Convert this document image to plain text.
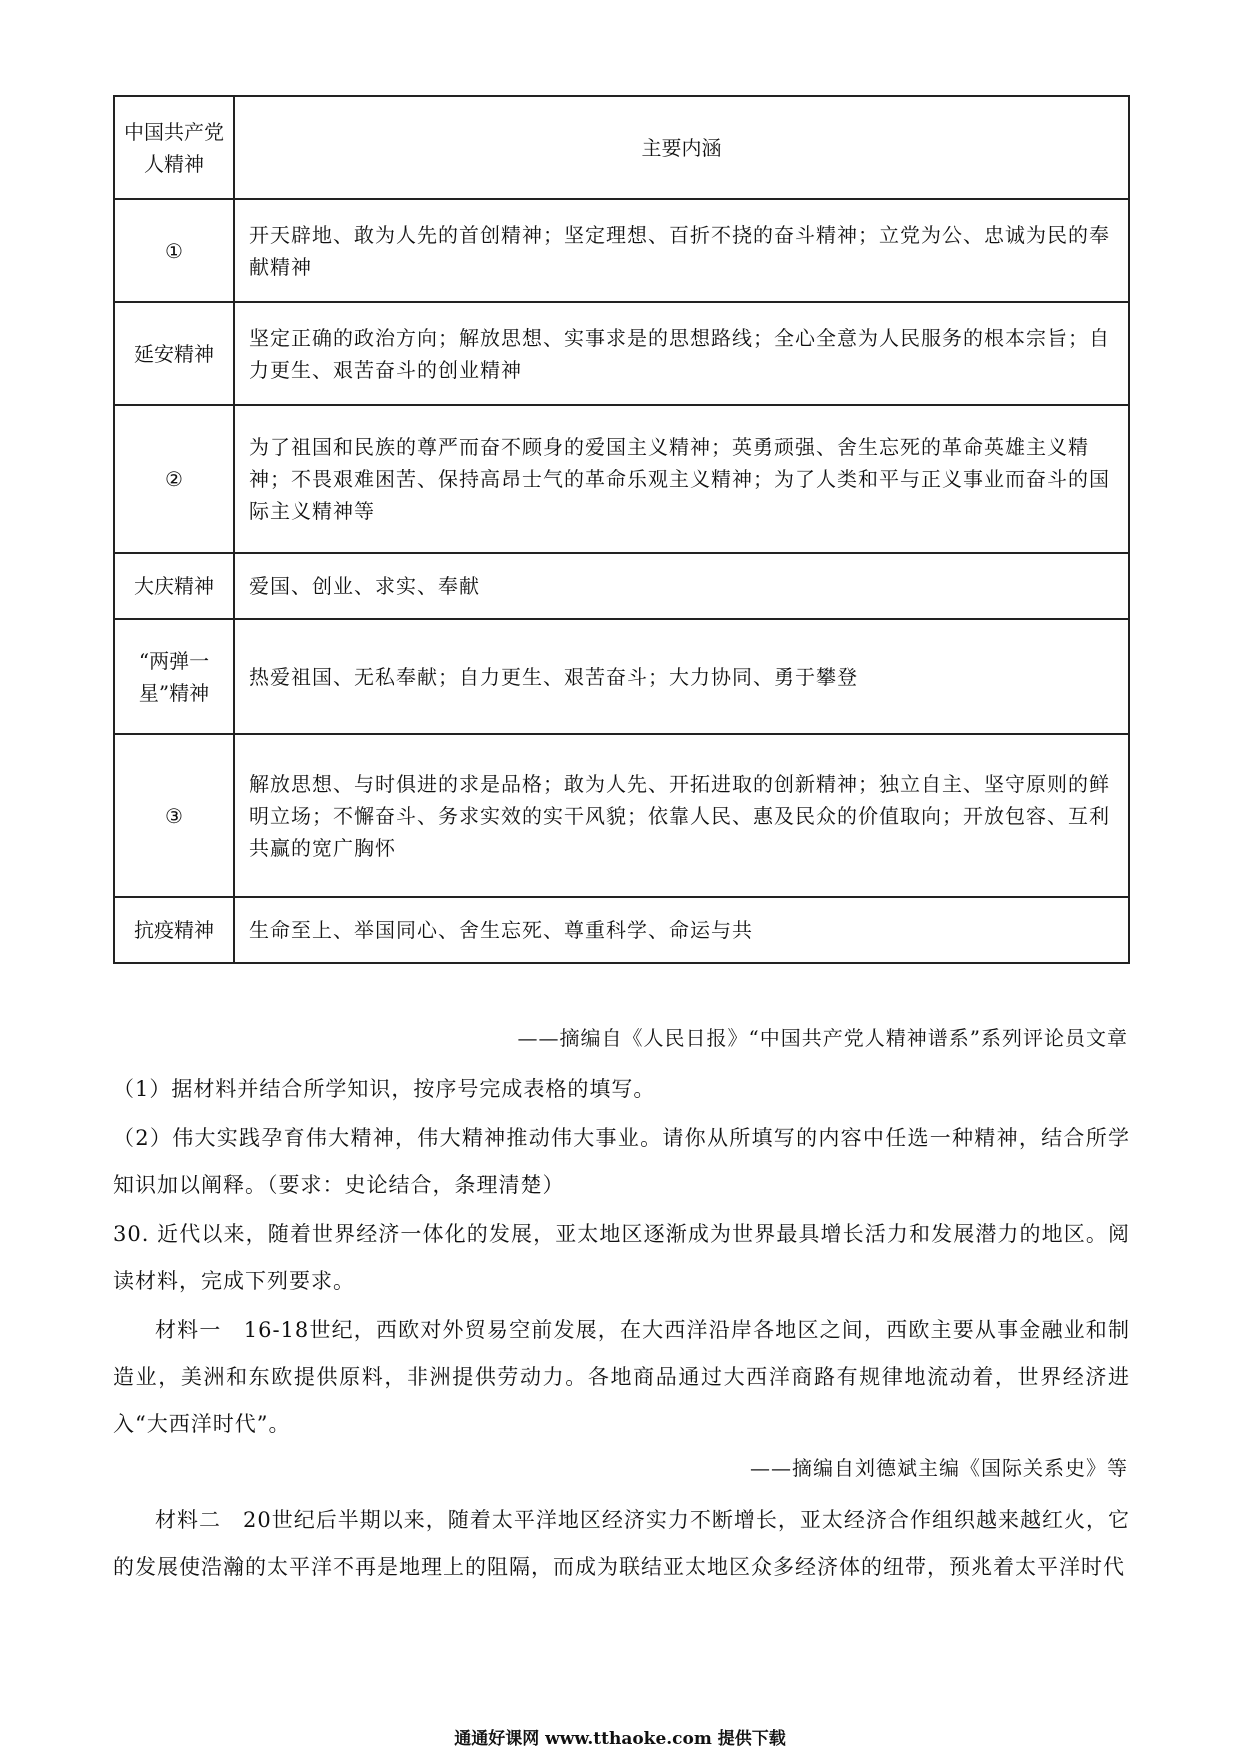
中国共产党人精神	主要内涵
①	开天辟地、敢为人先的首创精神；坚定理想、百折不挠的奋斗精神；立党为公、忠诚为民的奉献精神
延安精神	坚定正确的政治方向；解放思想、实事求是的思想路线；全心全意为人民服务的根本宗旨；自力更生、艰苦奋斗的创业精神
②	为了祖国和民族的尊严而奋不顾身的爱国主义精神；英勇顽强、舍生忘死的革命英雄主义精神；不畏艰难困苦、保持高昂士气的革命乐观主义精神；为了人类和平与正义事业而奋斗的国际主义精神等
大庆精神	爱国、创业、求实、奉献
“两弹一星”精神	热爱祖国、无私奉献；自力更生、艰苦奋斗；大力协同、勇于攀登
③	解放思想、与时俱进的求是品格；敢为人先、开拓进取的创新精神；独立自主、坚守原则的鲜明立场；不懈奋斗、务求实效的实干风貌；依靠人民、惠及民众的价值取向；开放包容、互利共赢的宽广胸怀
抗疫精神	生命至上、举国同心、舍生忘死、尊重科学、命运与共
——摘编自《人民日报》“中国共产党人精神谱系”系列评论员文章
（1）据材料并结合所学知识，按序号完成表格的填写。
（2）伟大实践孕育伟大精神，伟大精神推动伟大事业。请你从所填写的内容中任选一种精神，结合所学知识加以阐释。（要求：史论结合，条理清楚）
30. 近代以来，随着世界经济一体化的发展，亚太地区逐渐成为世界最具增长活力和发展潜力的地区。阅读材料，完成下列要求。
材料一　16-18世纪，西欧对外贸易空前发展，在大西洋沿岸各地区之间，西欧主要从事金融业和制造业，美洲和东欧提供原料，非洲提供劳动力。各地商品通过大西洋商路有规律地流动着，世界经济进入“大西洋时代”。
——摘编自刘德斌主编《国际关系史》等
材料二　20世纪后半期以来，随着太平洋地区经济实力不断增长，亚太经济合作组织越来越红火，它的发展使浩瀚的太平洋不再是地理上的阻隔，而成为联结亚太地区众多经济体的纽带，预兆着太平洋时代
通通好课网 www.tthaoke.com 提供下载
